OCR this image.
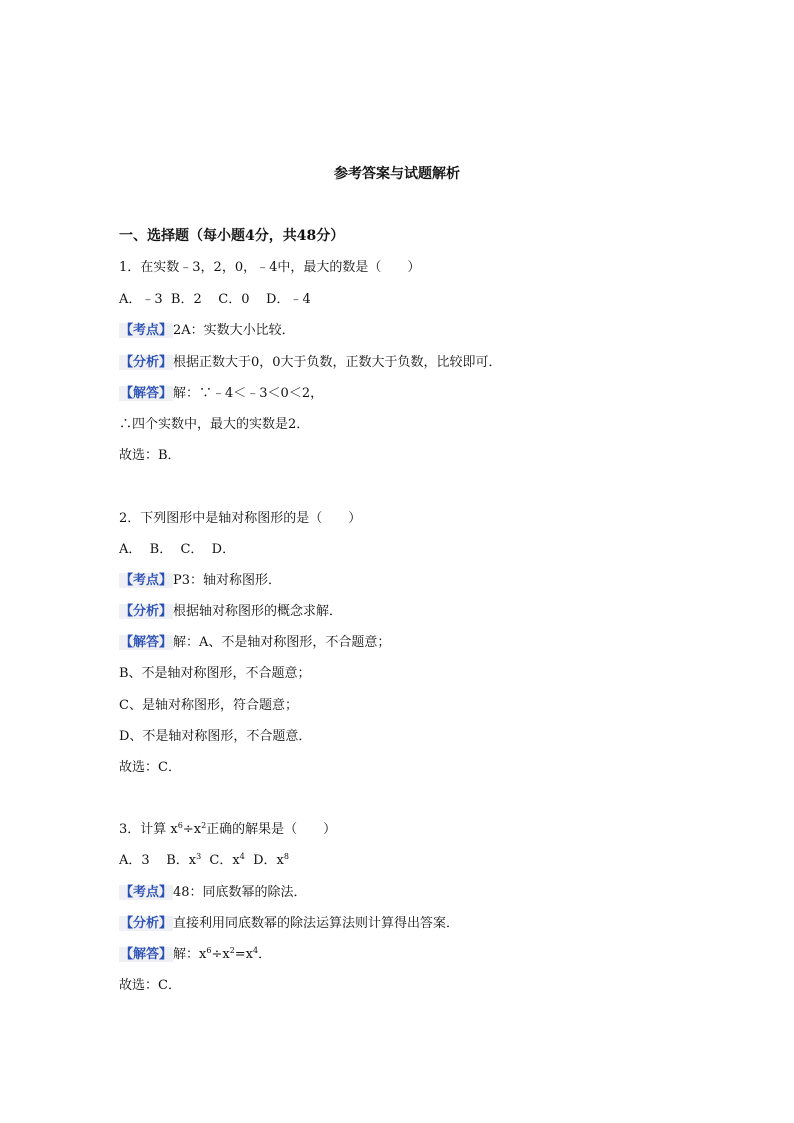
参考答案与试题解析
一、选择题（每小题4分，共48分）
1．在实数﹣3，2，0，﹣4中，最大的数是（　　）
A．﹣3  B．2    C．0    D．﹣4
【考点】2A：实数大小比较．
【分析】根据正数大于0，0大于负数，正数大于负数，比较即可．
【解答】解：∵﹣4＜﹣3＜0＜2，
∴四个实数中，最大的实数是2．
故选：B．
2．下列图形中是轴对称图形的是（　　）
A．  B．  C．  D．
【考点】P3：轴对称图形．
【分析】根据轴对称图形的概念求解．
【解答】解：A、不是轴对称图形，不合题意；
B、不是轴对称图形，不合题意；
C、是轴对称图形，符合题意；
D、不是轴对称图形，不合题意．
故选：C．
3．计算 $x^6\div x^2$正确的解果是（　　）
A．3    B．$x^3$  C．$x^4$  D．$x^8$
【考点】48：同底数幂的除法．
【分析】直接利用同底数幂的除法运算法则计算得出答案．
【解答】解：$x^6\div x^2=x^4$．
故选：C．
